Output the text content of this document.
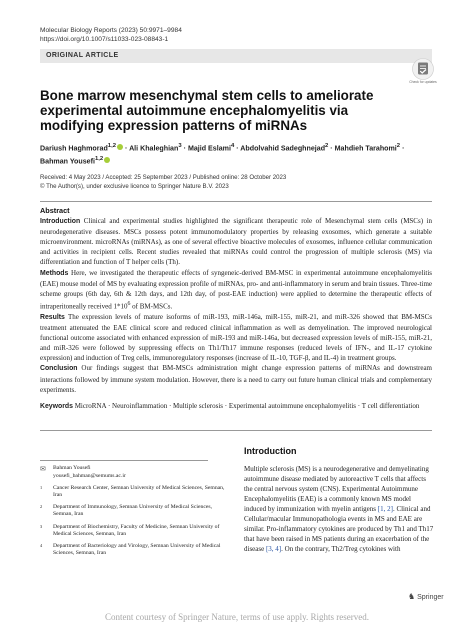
Molecular Biology Reports (2023) 50:9971–9984
https://doi.org/10.1007/s11033-023-08843-1
ORIGINAL ARTICLE
Check for updates
Bone marrow mesenchymal stem cells to ameliorate experimental autoimmune encephalomyelitis via modifying expression patterns of miRNAs
Dariush Haghmorad$^{1,2}$ · Ali Khaleghian$^3$ · Majid Eslami$^4$ · Abdolvahid Sadeghnejad$^2$ · Mahdieh Tarahomi$^2$ ·
Bahman Yousefi$^{1,2}$
Received: 4 May 2023 / Accepted: 25 September 2023 / Published online: 28 October 2023
© The Author(s), under exclusive licence to Springer Nature B.V. 2023
Abstract

Introduction Clinical and experimental studies highlighted the significant therapeutic role of Mesenchymal stem cells (MSCs) in neurodegenerative diseases. MSCs possess potent immunomodulatory properties by releasing exosomes, which generate a suitable microenvironment. microRNAs (miRNAs), as one of several effective bioactive molecules of exosomes, influence cellular communication and activities in recipient cells. Recent studies revealed that miRNAs could control the progression of multiple sclerosis (MS) via differentiation and function of T helper cells (Th).

Methods Here, we investigated the therapeutic effects of syngeneic-derived BM-MSC in experimental autoimmune encephalomyelitis (EAE) mouse model of MS by evaluating expression profile of miRNAs, pro- and anti-inflammatory in serum and brain tissues. Three-time scheme groups (6th day, 6th & 12th days, and 12th day, of post-EAE induction) were applied to determine the therapeutic effects of intraperitoneally received $1*10^6$ of BM-MSCs.

Results The expression levels of mature isoforms of miR-193, miR-146a, miR-155, miR-21, and miR-326 showed that BM-MSCs treatment attenuated the EAE clinical score and reduced clinical inflammation as well as demyelination. The improved neurological functional outcome associated with enhanced expression of miR-193 and miR-146a, but decreased expression levels of miR-155, miR-21, and miR-326 were followed by suppressing effects on Th1/Th17 immune responses (reduced levels of IFN-, and IL-17 cytokine expression) and induction of Treg cells, immunoregulatory responses (increase of IL-10, TGF-β, and IL-4) in treatment groups.

Conclusion Our findings suggest that BM-MSCs administration might change expression patterns of miRNAs and downstream interactions followed by immune system modulation. However, there is a need to carry out future human clinical trials and complementary experiments.

Keywords MicroRNA · Neuroinflammation · Multiple sclerosis · Experimental autoimmune encephalomyelitis · T cell differentiation
✉ Bahman Yousefi
yousefi_bahman@semums.ac.ir
1 Cancer Research Center, Semnan University of Medical Sciences, Semnan, Iran
2 Department of Immunology, Semnan University of Medical Sciences, Semnan, Iran
3 Department of Biochemistry, Faculty of Medicine, Semnan University of Medical Sciences, Semnan, Iran
4 Department of Bacteriology and Virology, Semnan University of Medical Sciences, Semnan, Iran
Introduction

Multiple sclerosis (MS) is a neurodegenerative and demyelinating autoimmune disease mediated by autoreactive T cells that affects the central nervous system (CNS). Experimental Autoimmune Encephalomyelitis (EAE) is a commonly known MS model induced by immunization with myelin antigens [1, 2]. Clinical and Cellular/macular Immunopathologia events in MS and EAE are similar. Pro-inflammatory cytokines are produced by Th1 and Th17 that have been raised in MS patients during an exacerbation of the disease [3, 4]. On the contrary, Th2/Treg cytokines with

♞ Springer
Content courtesy of Springer Nature, terms of use apply. Rights reserved.
